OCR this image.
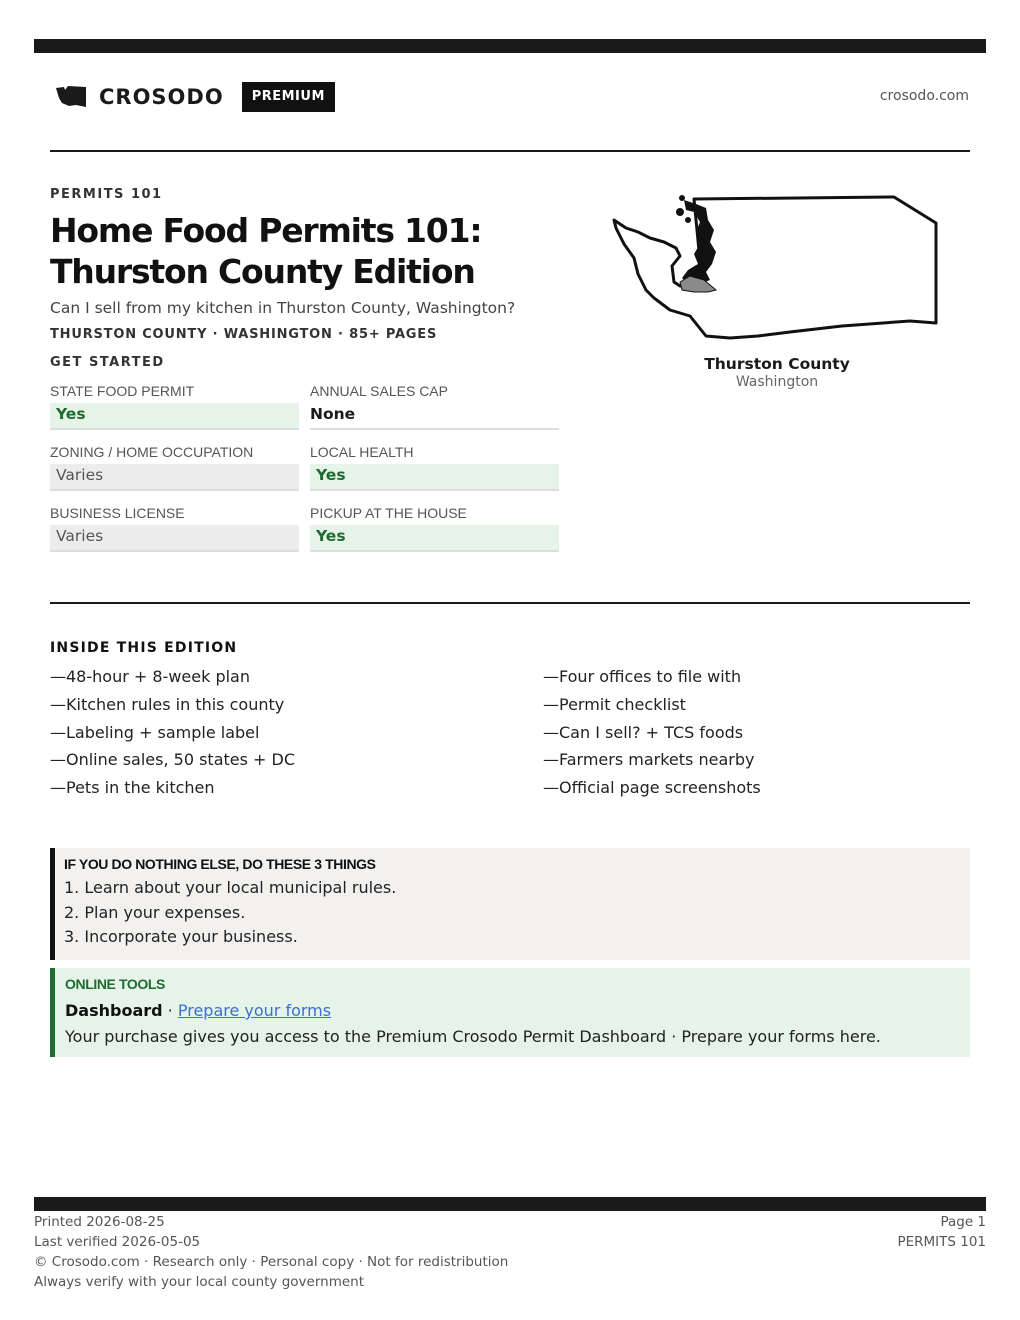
CROSODO	PREMIUM	crosodo.com
PERMITS 101
Home Food Permits 101:
Thurston County Edition
Can I sell from my kitchen in Thurston County, Washington?
THURSTON COUNTY · WASHINGTON · 85+ PAGES
GET STARTED
STATE FOOD PERMIT
Yes
ANNUAL SALES CAP
None
ZONING / HOME OCCUPATION
Varies
LOCAL HEALTH
Yes
BUSINESS LICENSE
Varies
PICKUP AT THE HOUSE
Yes
Thurston County
Washington
INSIDE THIS EDITION
—48-hour + 8-week plan
—Kitchen rules in this county
—Labeling + sample label
—Online sales, 50 states + DC
—Pets in the kitchen
—Four offices to file with
—Permit checklist
—Can I sell? + TCS foods
—Farmers markets nearby
—Official page screenshots
IF YOU DO NOTHING ELSE, DO THESE 3 THINGS
1. Learn about your local municipal rules.
2. Plan your expenses.
3. Incorporate your business.
ONLINE TOOLS
Dashboard · Prepare your forms
Your purchase gives you access to the Premium Crosodo Permit Dashboard · Prepare your forms here.
Printed 2026-08-25
Last verified 2026-05-05
© Crosodo.com · Research only · Personal copy · Not for redistribution
Always verify with your local county government
Page 1
PERMITS 101
